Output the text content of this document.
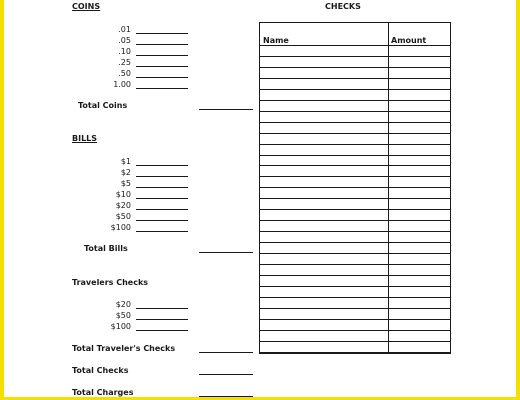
COINS
.01
.05
.10
.25
.50
1.00
Total Coins
BILLS
$1
$2
$5
$10
$20
$50
$100
Total Bills
Travelers Checks
$20
$50
$100
Total Traveler's Checks
Total Checks
Total Charges
CHECKS
Name	Amount
